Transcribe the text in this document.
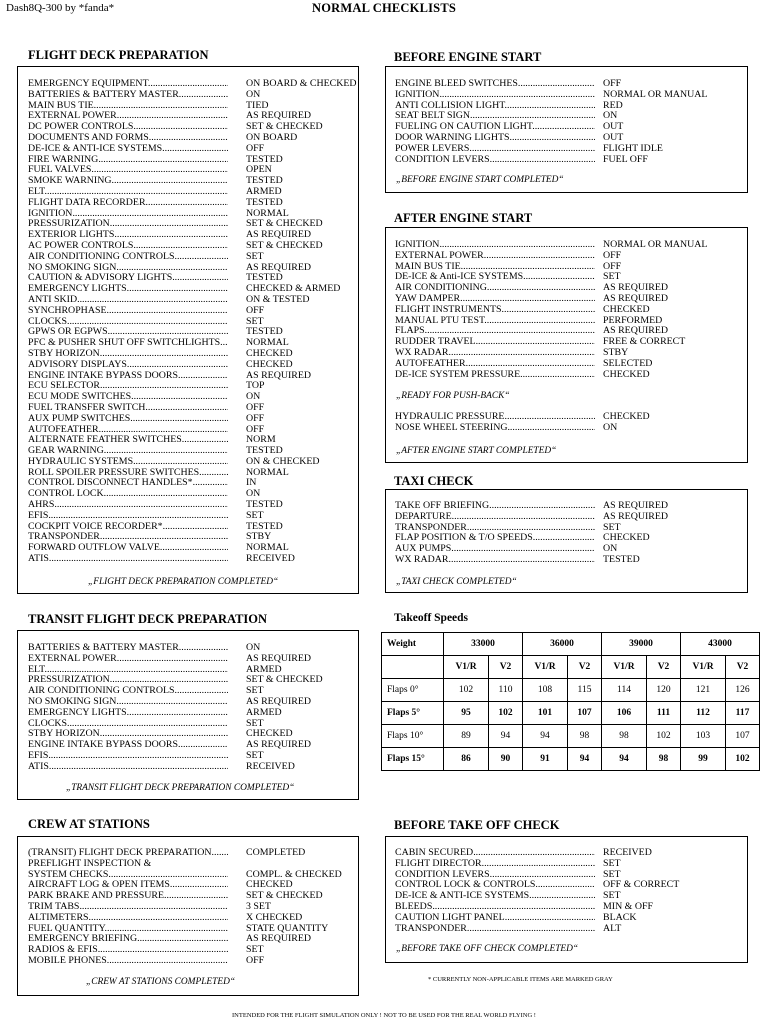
Dash8Q-300 by *fanda*	NORMAL CHECKLISTS
FLIGHT DECK PREPARATION
EMERGENCY EQUIPMENT .....	ON BOARD & CHECKED
BATTERIES & BATTERY MASTER .....	ON
MAIN BUS TIE .....	TIED
EXTERNAL POWER .....	AS REQUIRED
DC POWER CONTROLS .....	SET & CHECKED
DOCUMENTS AND FORMS .....	ON BOARD
DE-ICE & ANTI-ICE SYSTEMS .....	OFF
FIRE WARNING .....	TESTED
FUEL VALVES .....	OPEN
SMOKE WARNING .....	TESTED
ELT .....	ARMED
FLIGHT DATA RECORDER .....	TESTED
IGNITION .....	NORMAL
PRESSURIZATION .....	SET & CHECKED
EXTERIOR LIGHTS .....	AS REQUIRED
AC POWER CONTROLS .....	SET & CHECKED
AIR CONDITIONING CONTROLS .....	SET
NO SMOKING SIGN .....	AS REQUIRED
CAUTION & ADVISORY LIGHTS .....	TESTED
EMERGENCY LIGHTS .....	CHECKED & ARMED
ANTI SKID .....	ON & TESTED
SYNCHROPHASE .....	OFF
CLOCKS .....	SET
GPWS OR EGPWS .....	TESTED
PFC & PUSHER SHUT OFF SWITCHLIGHTS .....	NORMAL
STBY HORIZON .....	CHECKED
ADVISORY DISPLAYS .....	CHECKED
ENGINE INTAKE BYPASS DOORS .....	AS REQUIRED
ECU SELECTOR .....	TOP
ECU MODE SWITCHES .....	ON
FUEL TRANSFER SWITCH .....	OFF
AUX PUMP SWITCHES .....	OFF
AUTOFEATHER .....	OFF
ALTERNATE FEATHER SWITCHES .....	NORM
GEAR WARNING .....	TESTED
HYDRAULIC SYSTEMS .....	ON & CHECKED
ROLL SPOILER PRESSURE SWITCHES .....	NORMAL
CONTROL DISCONNECT HANDLES* .....	IN
CONTROL LOCK .....	ON
AHRS .....	TESTED
EFIS .....	SET
COCKPIT VOICE RECORDER* .....	TESTED
TRANSPONDER .....	STBY
FORWARD OUTFLOW VALVE .....	NORMAL
ATIS .....	RECEIVED
„FLIGHT DECK PREPARATION COMPLETED“
TRANSIT FLIGHT DECK PREPARATION
BATTERIES & BATTERY MASTER .....	ON
EXTERNAL POWER .....	AS REQUIRED
ELT .....	ARMED
PRESSURIZATION .....	SET & CHECKED
AIR CONDITIONING CONTROLS .....	SET
NO SMOKING SIGN .....	AS REQUIRED
EMERGENCY LIGHTS .....	ARMED
CLOCKS .....	SET
STBY HORIZON .....	CHECKED
ENGINE INTAKE BYPASS DOORS .....	AS REQUIRED
EFIS .....	SET
ATIS .....	RECEIVED
„TRANSIT FLIGHT DECK PREPARATION COMPLETED“
CREW AT STATIONS
(TRANSIT) FLIGHT DECK PREPARATION .....	COMPLETED
PREFLIGHT INSPECTION &
SYSTEM CHECKS .....	COMPL. & CHECKED
AIRCRAFT LOG & OPEN ITEMS .....	CHECKED
PARK BRAKE AND PRESSURE .....	SET & CHECKED
TRIM TABS .....	3 SET
ALTIMETERS .....	X CHECKED
FUEL QUANTITY .....	STATE QUANTITY
EMERGENCY BRIEFING .....	AS REQUIRED
RADIOS & EFIS .....	SET
MOBILE PHONES .....	OFF
„CREW AT STATIONS COMPLETED“
BEFORE ENGINE START
ENGINE BLEED SWITCHES .....	OFF
IGNITION .....	NORMAL OR MANUAL
ANTI COLLISION LIGHT .....	RED
SEAT BELT SIGN .....	ON
FUELING ON CAUTION LIGHT .....	OUT
DOOR WARNING LIGHTS .....	OUT
POWER LEVERS .....	FLIGHT IDLE
CONDITION LEVERS .....	FUEL OFF
„BEFORE ENGINE START COMPLETED“
AFTER ENGINE START
IGNITION .....	NORMAL OR MANUAL
EXTERNAL POWER .....	OFF
MAIN BUS TIE .....	OFF
DE-ICE & Anti-ICE SYSTEMS .....	SET
AIR CONDITIONING .....	AS REQUIRED
YAW DAMPER .....	AS REQUIRED
FLIGHT INSTRUMENTS .....	CHECKED
MANUAL PTU TEST .....	PERFORMED
FLAPS .....	AS REQUIRED
RUDDER TRAVEL .....	FREE & CORRECT
WX RADAR .....	STBY
AUTOFEATHER .....	SELECTED
DE-ICE SYSTEM PRESSURE .....	CHECKED
„READY FOR PUSH-BACK“
HYDRAULIC PRESSURE .....	CHECKED
NOSE WHEEL STEERING .....	ON
„AFTER ENGINE START COMPLETED“
TAXI CHECK
TAKE OFF BRIEFING .....	AS REQUIRED
DEPARTURE .....	AS REQUIRED
TRANSPONDER .....	SET
FLAP POSITION & T/O SPEEDS .....	CHECKED
AUX PUMPS .....	ON
WX RADAR .....	TESTED
„TAXI CHECK COMPLETED“
Takeoff Speeds
Weight	33000		36000		39000		43000	
	V1/R	V2	V1/R	V2	V1/R	V2	V1/R	V2
Flaps 0°	102	110	108	115	114	120	121	126
Flaps 5°	95	102	101	107	106	111	112	117
Flaps 10°	89	94	94	98	98	102	103	107
Flaps 15°	86	90	91	94	94	98	99	102
BEFORE TAKE OFF CHECK
CABIN SECURED .....	RECEIVED
FLIGHT DIRECTOR .....	SET
CONDITION LEVERS .....	SET
CONTROL LOCK & CONTROLS .....	OFF & CORRECT
DE-ICE & ANTI-ICE SYSTEMS .....	SET
BLEEDS .....	MIN & OFF
CAUTION LIGHT PANEL .....	BLACK
TRANSPONDER .....	ALT
„BEFORE TAKE OFF CHECK COMPLETED“
* CURRENTLY NON-APPLICABLE ITEMS ARE MARKED GRAY
INTENDED FOR THE FLIGHT SIMULATION ONLY ! NOT TO BE USED FOR THE REAL WORLD FLYING !
